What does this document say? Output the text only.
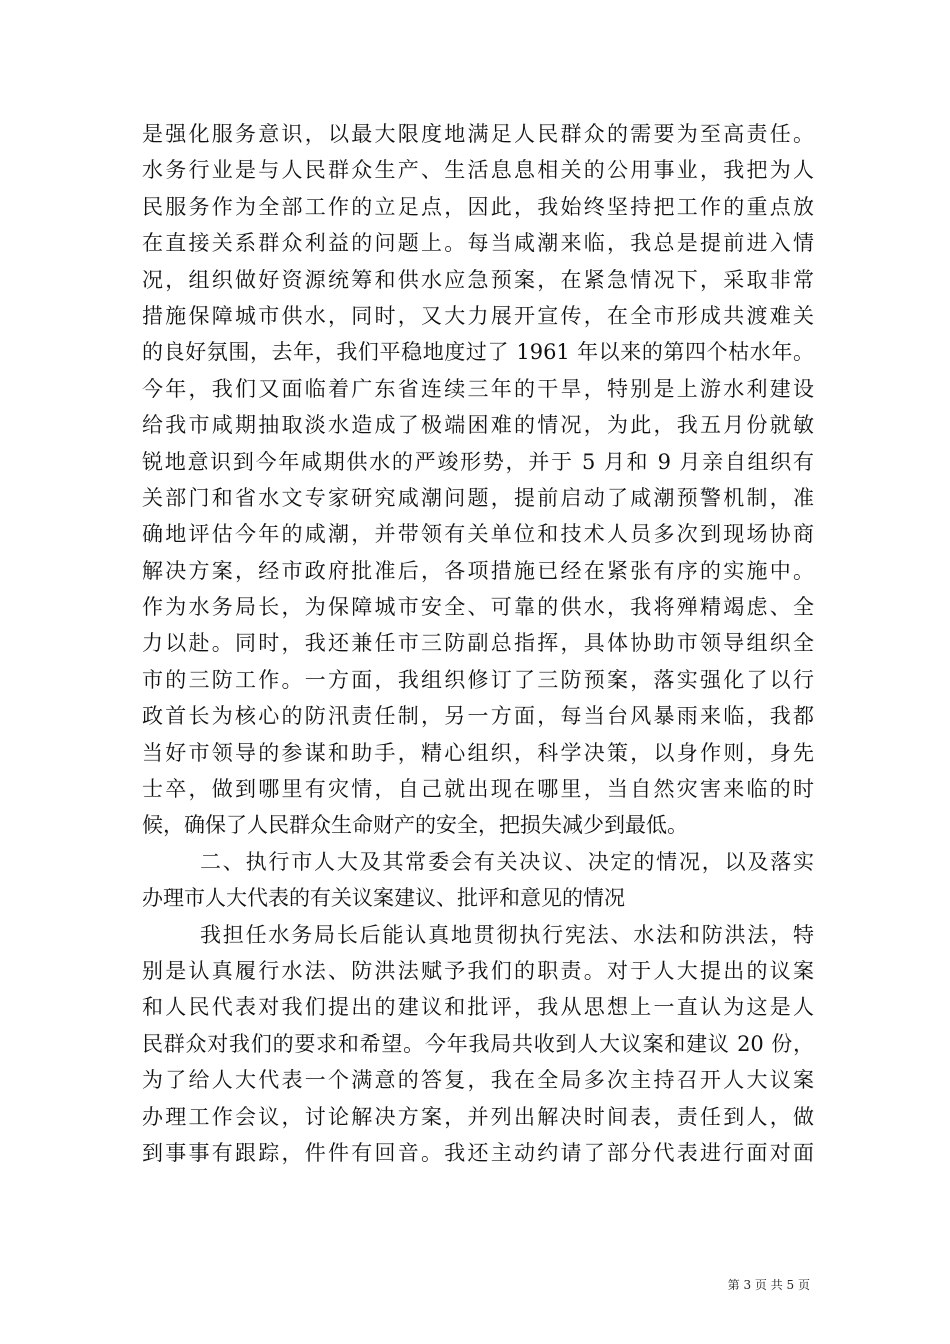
是强化服务意识，以最大限度地满足人民群众的需要为至高责任。
水务行业是与人民群众生产、生活息息相关的公用事业，我把为人
民服务作为全部工作的立足点，因此，我始终坚持把工作的重点放
在直接关系群众利益的问题上。每当咸潮来临，我总是提前进入情
况，组织做好资源统筹和供水应急预案，在紧急情况下，采取非常
措施保障城市供水，同时，又大力展开宣传，在全市形成共渡难关
的良好氛围，去年，我们平稳地度过了 1961 年以来的第四个枯水年。
今年，我们又面临着广东省连续三年的干旱，特别是上游水利建设
给我市咸期抽取淡水造成了极端困难的情况，为此，我五月份就敏
锐地意识到今年咸期供水的严竣形势，并于 5 月和 9 月亲自组织有
关部门和省水文专家研究咸潮问题，提前启动了咸潮预警机制，准
确地评估今年的咸潮，并带领有关单位和技术人员多次到现场协商
解决方案，经市政府批准后，各项措施已经在紧张有序的实施中。
作为水务局长，为保障城市安全、可靠的供水，我将殚精竭虑、全
力以赴。同时，我还兼任市三防副总指挥，具体协助市领导组织全
市的三防工作。一方面，我组织修订了三防预案，落实强化了以行
政首长为核心的防汛责任制，另一方面，每当台风暴雨来临，我都
当好市领导的参谋和助手，精心组织，科学决策，以身作则，身先
士卒，做到哪里有灾情，自己就出现在哪里，当自然灾害来临的时
候，确保了人民群众生命财产的安全，把损失减少到最低。
二、执行市人大及其常委会有关决议、决定的情况，以及落实
办理市人大代表的有关议案建议、批评和意见的情况
我担任水务局长后能认真地贯彻执行宪法、水法和防洪法，特
别是认真履行水法、防洪法赋予我们的职责。对于人大提出的议案
和人民代表对我们提出的建议和批评，我从思想上一直认为这是人
民群众对我们的要求和希望。今年我局共收到人大议案和建议 20 份，
为了给人大代表一个满意的答复，我在全局多次主持召开人大议案
办理工作会议，讨论解决方案，并列出解决时间表，责任到人，做
到事事有跟踪，件件有回音。我还主动约请了部分代表进行面对面
第 3 页 共 5 页
